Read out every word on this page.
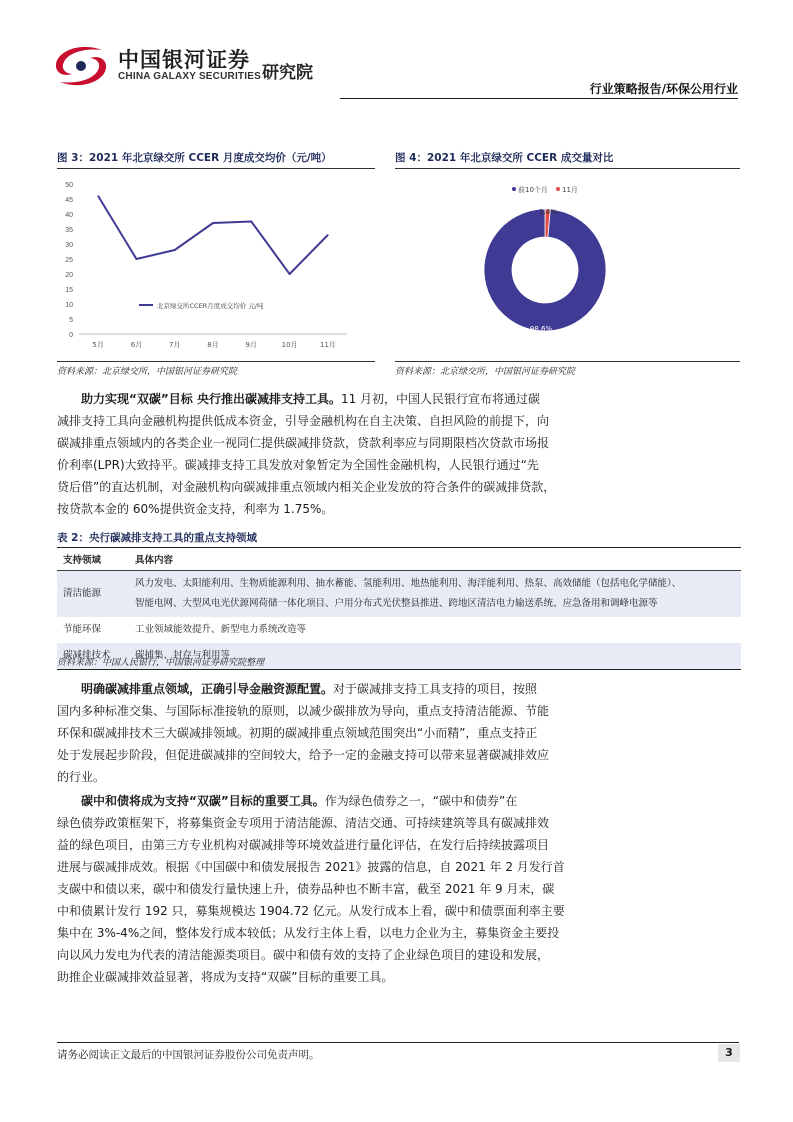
中国银河证券
CHINA GALAXY SECURITIES 研究院
行业策略报告/环保公用行业
图 3：2021 年北京绿交所 CCER 月度成交均价（元/吨）
0
5
10
15
20
25
30
35
40
45
50
5月	6月	7月	8月	9月	10月	11月
北京绿交所CCER月度成交均价 元/吨
资料来源：北京绿交所，中国银河证券研究院
图 4：2021 年北京绿交所 CCER 成交量对比
前10个月 11月
1.4%
98.6%
资料来源：北京绿交所，中国银河证券研究院
助力实现“双碳”目标 央行推出碳减排支持工具。11 月初，中国人民银行宣布将通过碳
减排支持工具向金融机构提供低成本资金，引导金融机构在自主决策、自担风险的前提下，向
碳减排重点领域内的各类企业一视同仁提供碳减排贷款，贷款利率应与同期限档次贷款市场报
价利率(LPR)大致持平。碳减排支持工具发放对象暂定为全国性金融机构，人民银行通过“先
贷后借”的直达机制，对金融机构向碳减排重点领域内相关企业发放的符合条件的碳减排贷款，
按贷款本金的 60%提供资金支持，利率为 1.75%。
表 2：央行碳减排支持工具的重点支持领域
支持领域	具体内容
清洁能源	风力发电、太阳能利用、生物质能源利用、抽水蓄能、氢能利用、地热能利用、海洋能利用、热泵、高效储能（包括电化学储能）、
智能电网、大型风电光伏源网荷储一体化项目、户用分布式光伏整县推进、跨地区清洁电力输送系统、应急备用和调峰电源等

节能环保	工业领域能效提升、新型电力系统改造等
碳减排技术	碳捕集、封存与利用等
资料来源：中国人民银行，中国银河证券研究院整理
明确碳减排重点领域，正确引导金融资源配置。对于碳减排支持工具支持的项目，按照
国内多种标准交集、与国际标准接轨的原则，以减少碳排放为导向，重点支持清洁能源、节能
环保和碳减排技术三大碳减排领域。初期的碳减排重点领域范围突出“小而精”，重点支持正
处于发展起步阶段，但促进碳减排的空间较大，给予一定的金融支持可以带来显著碳减排效应
的行业。
碳中和债将成为支持“双碳”目标的重要工具。作为绿色债券之一，“碳中和债券”在
绿色债券政策框架下，将募集资金专项用于清洁能源、清洁交通、可持续建筑等具有碳减排效
益的绿色项目，由第三方专业机构对碳减排等环境效益进行量化评估，在发行后持续披露项目
进展与碳减排成效。根据《中国碳中和债发展报告 2021》披露的信息，自 2021 年 2 月发行首
支碳中和债以来，碳中和债发行量快速上升，债券品种也不断丰富，截至 2021 年 9 月末，碳
中和债累计发行 192 只，募集规模达 1904.72 亿元。从发行成本上看，碳中和债票面利率主要
集中在 3%-4%之间，整体发行成本较低；从发行主体上看，以电力企业为主，募集资金主要投
向以风力发电为代表的清洁能源类项目。碳中和债有效的支持了企业绿色项目的建设和发展，
助推企业碳减排效益显著，将成为支持“双碳”目标的重要工具。
请务必阅读正文最后的中国银河证券股份公司免责声明。	3
